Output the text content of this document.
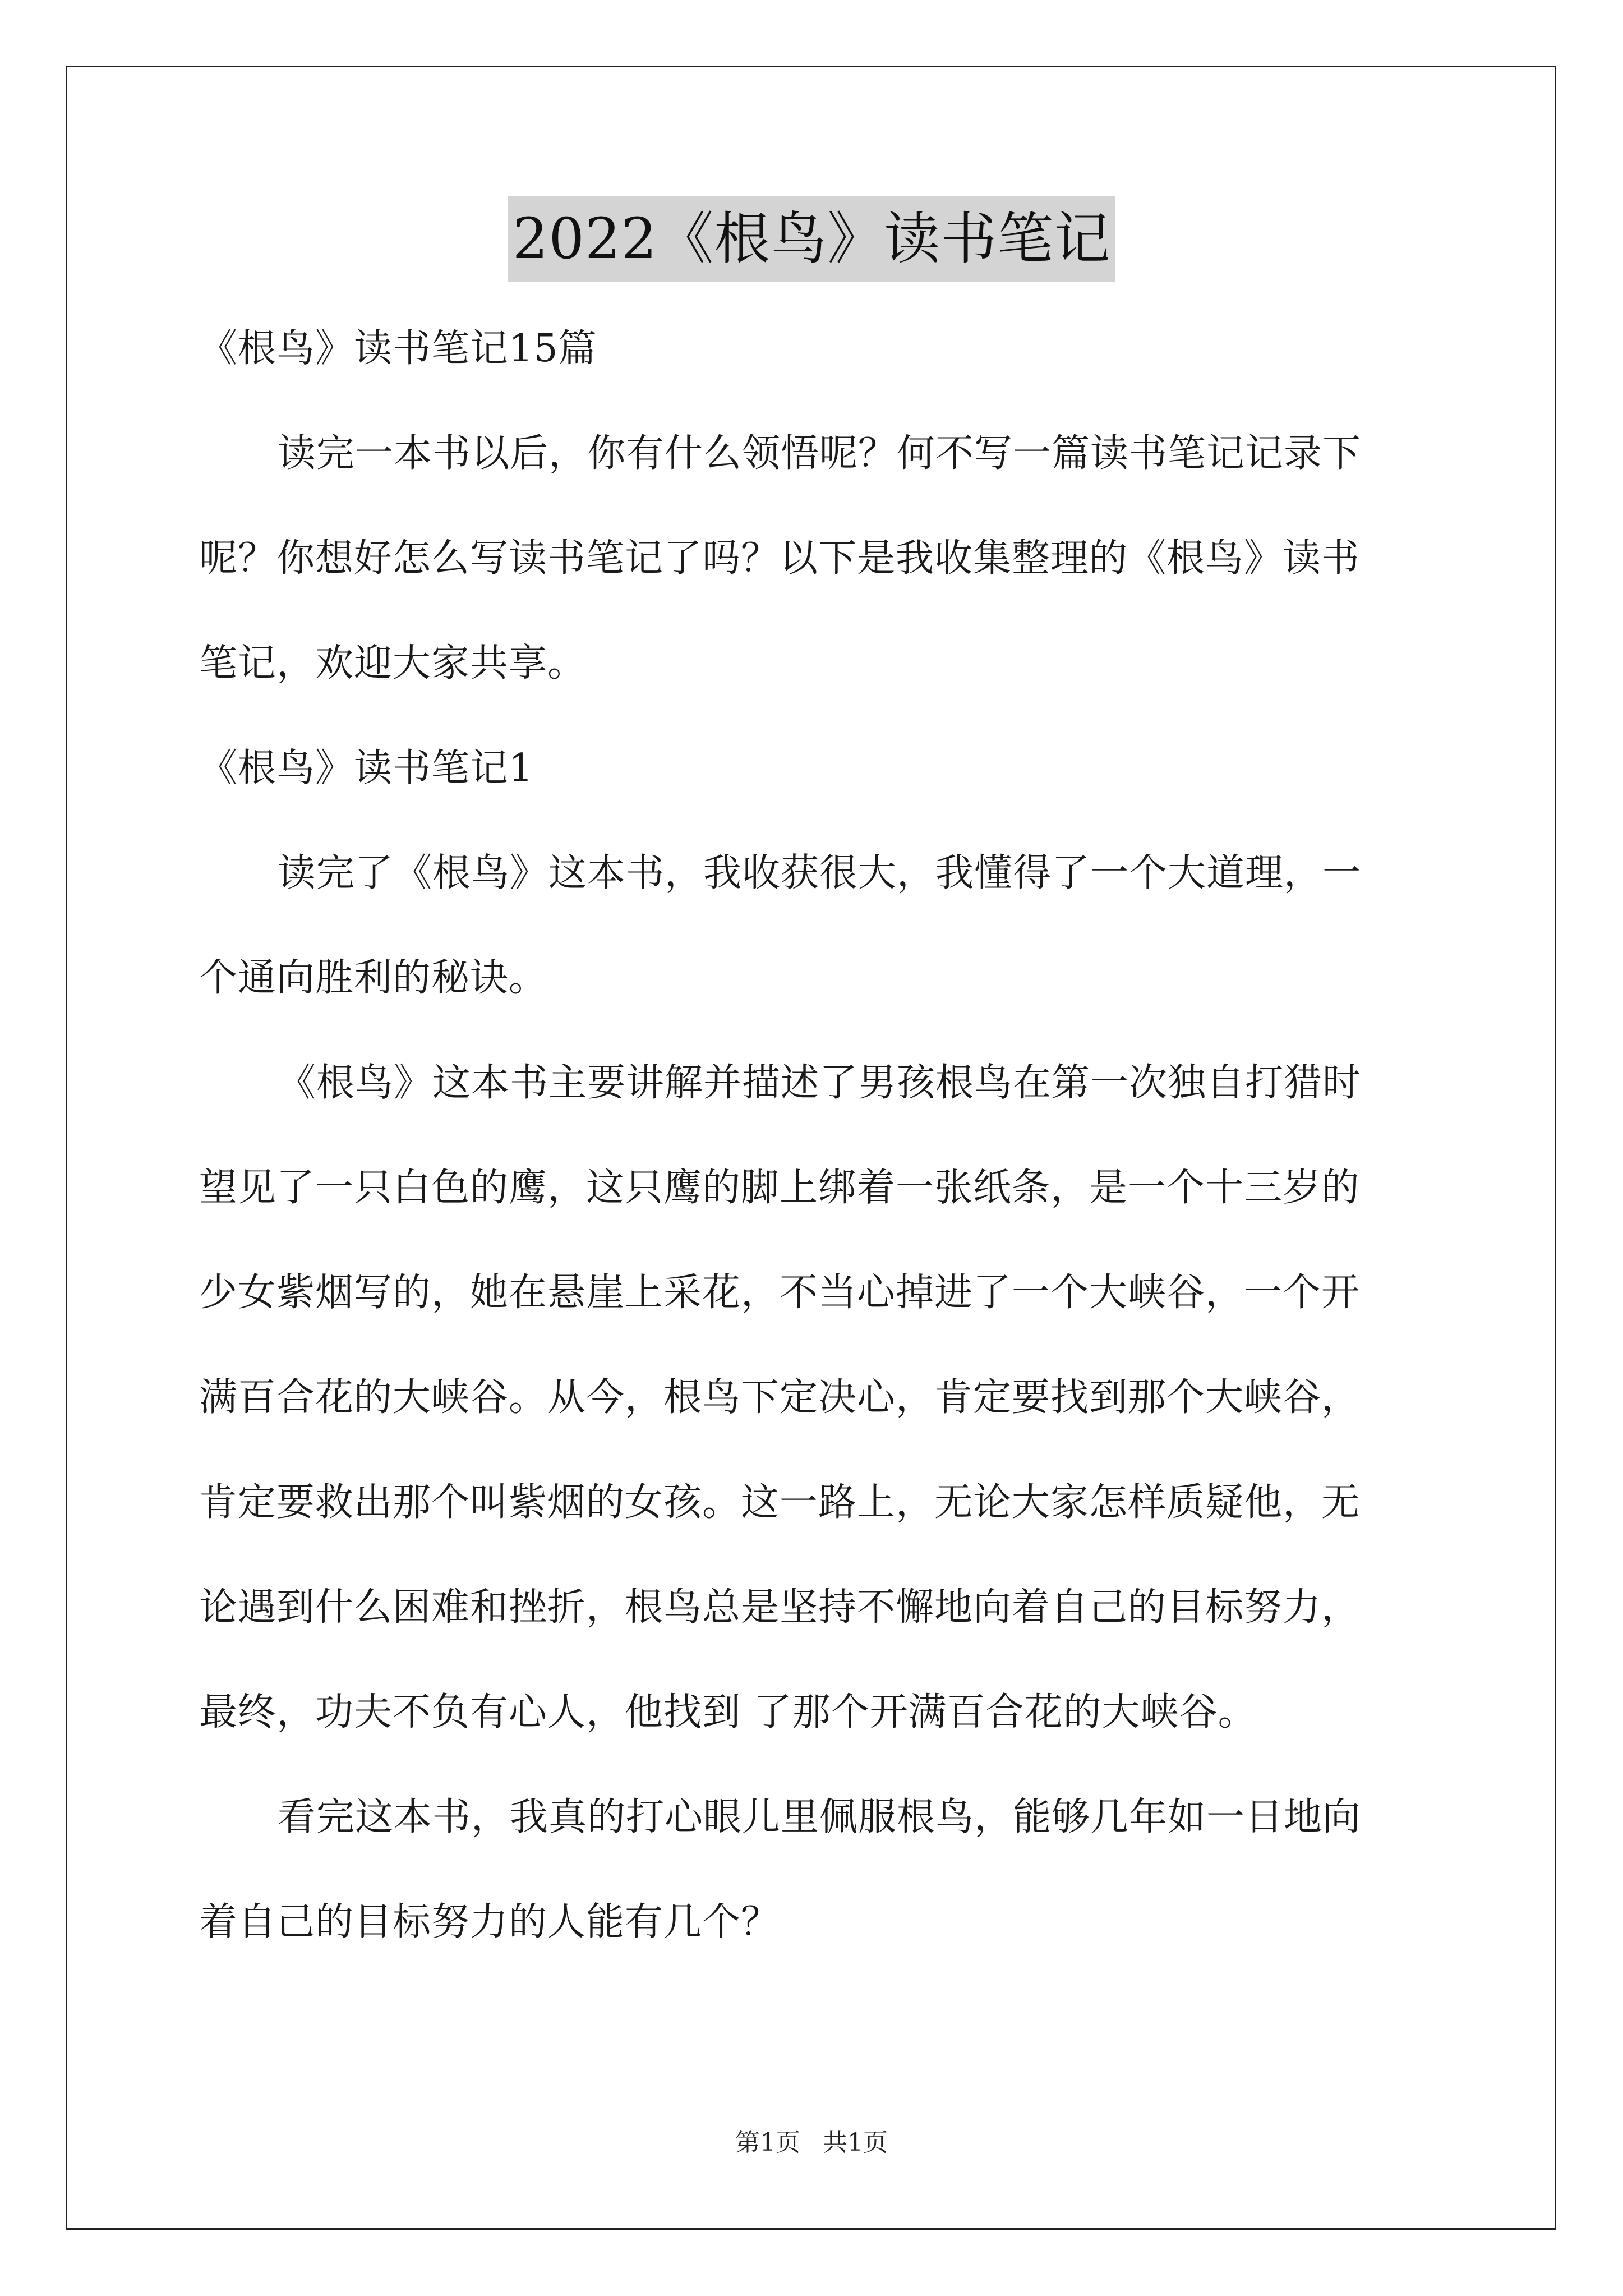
2022《根鸟》读书笔记

《根鸟》读书笔记15篇

读完一本书以后，你有什么领悟呢？何不写一篇读书笔记记录下

呢？你想好怎么写读书笔记了吗？以下是我收集整理的《根鸟》读书

笔记，欢迎大家共享。

《根鸟》读书笔记1

读完了《根鸟》这本书，我收获很大，我懂得了一个大道理，一

个通向胜利的秘诀。

《根鸟》这本书主要讲解并描述了男孩根鸟在第一次独自打猎时

望见了一只白色的鹰，这只鹰的脚上绑着一张纸条，是一个十三岁的

少女紫烟写的，她在悬崖上采花，不当心掉进了一个大峡谷，一个开

满百合花的大峡谷。从今，根鸟下定决心，肯定要找到那个大峡谷，

肯定要救出那个叫紫烟的女孩。这一路上，无论大家怎样质疑他，无

论遇到什么困难和挫折，根鸟总是坚持不懈地向着自己的目标努力，

最终，功夫不负有心人，他找到 了那个开满百合花的大峡谷。

看完这本书，我真的打心眼儿里佩服根鸟，能够几年如一日地向

着自己的目标努力的人能有几个？

第1页 共1页
